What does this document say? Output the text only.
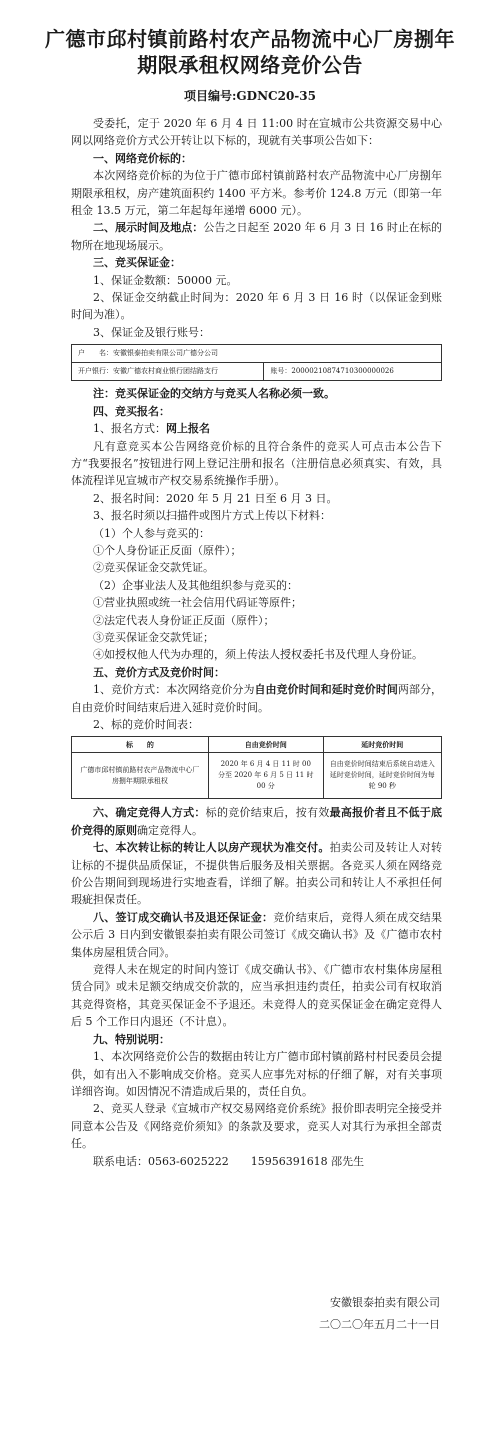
广德市邱村镇前路村农产品物流中心厂房捌年期限承租权网络竞价公告
项目编号:GDNC20-35

受委托，定于 2020 年 6 月 4 日 11:00 时在宣城市公共资源交易中心网以网络竞价方式公开转让以下标的，现就有关事项公告如下：

一、网络竞价标的：

本次网络竞价标的为位于广德市邱村镇前路村农产品物流中心厂房捌年期限承租权，房产建筑面积约 1400 平方米。参考价 124.8 万元（即第一年租金 13.5 万元，第二年起每年递增 6000 元）。

二、展示时间及地点：公告之日起至 2020 年 6 月 3 日 16 时止在标的物所在地现场展示。

三、竞买保证金：

1、保证金数额：50000 元。

2、保证金交纳截止时间为：2020 年 6 月 3 日 16 时（以保证金到账时间为准）。

3、保证金及银行账号：

户　　名：安徽银泰拍卖有限公司广德分公司
开户银行：安徽广德农村商业银行团结路支行	账号：20000210874710300000026

注：竞买保证金的交纳方与竞买人名称必须一致。

四、竞买报名：

1、报名方式：网上报名

凡有意竞买本公告网络竞价标的且符合条件的竞买人可点击本公告下方“我要报名”按钮进行网上登记注册和报名（注册信息必须真实、有效，具体流程详见宣城市产权交易系统操作手册）。

2、报名时间：2020 年 5 月 21 日至 6 月 3 日。

3、报名时须以扫描件或图片方式上传以下材料：

（1）个人参与竞买的：

①个人身份证正反面（原件）；

②竞买保证金交款凭证。

（2）企事业法人及其他组织参与竞买的：

①营业执照或统一社会信用代码证等原件；

②法定代表人身份证正反面（原件）；

③竞买保证金交款凭证；

④如授权他人代为办理的，须上传法人授权委托书及代理人身份证。

五、竞价方式及竞价时间：

1、竞价方式：本次网络竞价分为自由竞价时间和延时竞价时间两部分，自由竞价时间结束后进入延时竞价时间。

2、标的竞价时间表：

标　　的	自由竞价时间	延时竞价时间
广德市邱村镇前路村农产品物流中心厂房捌年期限承租权	2020 年 6 月 4 日 11 时 00 分至 2020 年 6 月 5 日 11 时 00 分	自由竞价时间结束后系统自动进入延时竞价时间，延时竞价时间为每轮 90 秒

六、确定竞得人方式：标的竞价结束后，按有效最高报价者且不低于底价竞得的原则确定竞得人。

七、本次转让标的转让人以房产现状为准交付。拍卖公司及转让人对转让标的不提供品质保证，不提供售后服务及相关票据。各竞买人须在网络竞价公告期间到现场进行实地查看，详细了解。拍卖公司和转让人不承担任何瑕疵担保责任。

八、签订成交确认书及退还保证金：竞价结束后，竞得人须在成交结果公示后 3 日内到安徽银泰拍卖有限公司签订《成交确认书》及《广德市农村集体房屋租赁合同》。

竞得人未在规定的时间内签订《成交确认书》、《广德市农村集体房屋租赁合同》或未足额交纳成交价款的，应当承担违约责任，拍卖公司有权取消其竞得资格，其竞买保证金不予退还。未竞得人的竞买保证金在确定竞得人后 5 个工作日内退还（不计息）。

九、特别说明：

1、本次网络竞价公告的数据由转让方广德市邱村镇前路村村民委员会提供，如有出入不影响成交价格。竞买人应事先对标的仔细了解，对有关事项详细咨询。如因情况不清造成后果的，责任自负。

2、竞买人登录《宣城市产权交易网络竞价系统》报价即表明完全接受并同意本公告及《网络竞价须知》的条款及要求，竞买人对其行为承担全部责任。

联系电话：0563-6025222　　15956391618 邵先生

安徽银泰拍卖有限公司
二〇二〇年五月二十一日
